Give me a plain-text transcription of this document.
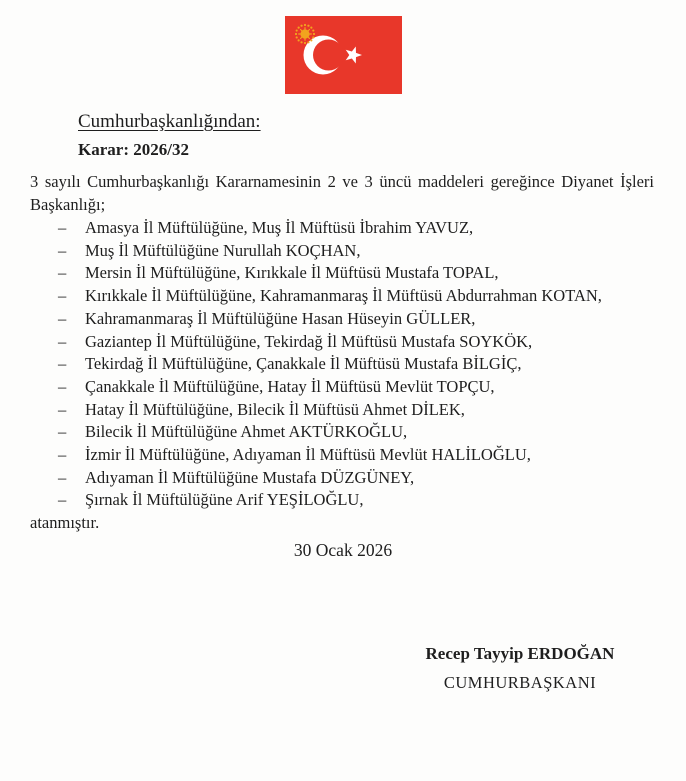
Cumhurbaşkanlığından:
Karar: 2026/32
3 sayılı Cumhurbaşkanlığı Kararnamesinin 2 ve 3 üncü maddeleri gereğince Diyanet İşleri
Başkanlığı;
–	Amasya İl Müftülüğüne, Muş İl Müftüsü İbrahim YAVUZ,
–	Muş İl Müftülüğüne Nurullah KOÇHAN,
–	Mersin İl Müftülüğüne, Kırıkkale İl Müftüsü Mustafa TOPAL,
–	Kırıkkale İl Müftülüğüne, Kahramanmaraş İl Müftüsü Abdurrahman KOTAN,
–	Kahramanmaraş İl Müftülüğüne Hasan Hüseyin GÜLLER,
–	Gaziantep İl Müftülüğüne, Tekirdağ İl Müftüsü Mustafa SOYKÖK,
–	Tekirdağ İl Müftülüğüne, Çanakkale İl Müftüsü Mustafa BİLGİÇ,
–	Çanakkale İl Müftülüğüne, Hatay İl Müftüsü Mevlüt TOPÇU,
–	Hatay İl Müftülüğüne, Bilecik İl Müftüsü Ahmet DİLEK,
–	Bilecik İl Müftülüğüne Ahmet AKTÜRKOĞLU,
–	İzmir İl Müftülüğüne, Adıyaman İl Müftüsü Mevlüt HALİLOĞLU,
–	Adıyaman İl Müftülüğüne Mustafa DÜZGÜNEY,
–	Şırnak İl Müftülüğüne Arif YEŞİLOĞLU,
atanmıştır.
30 Ocak 2026
Recep Tayyip ERDOĞAN
CUMHURBAŞKANI
